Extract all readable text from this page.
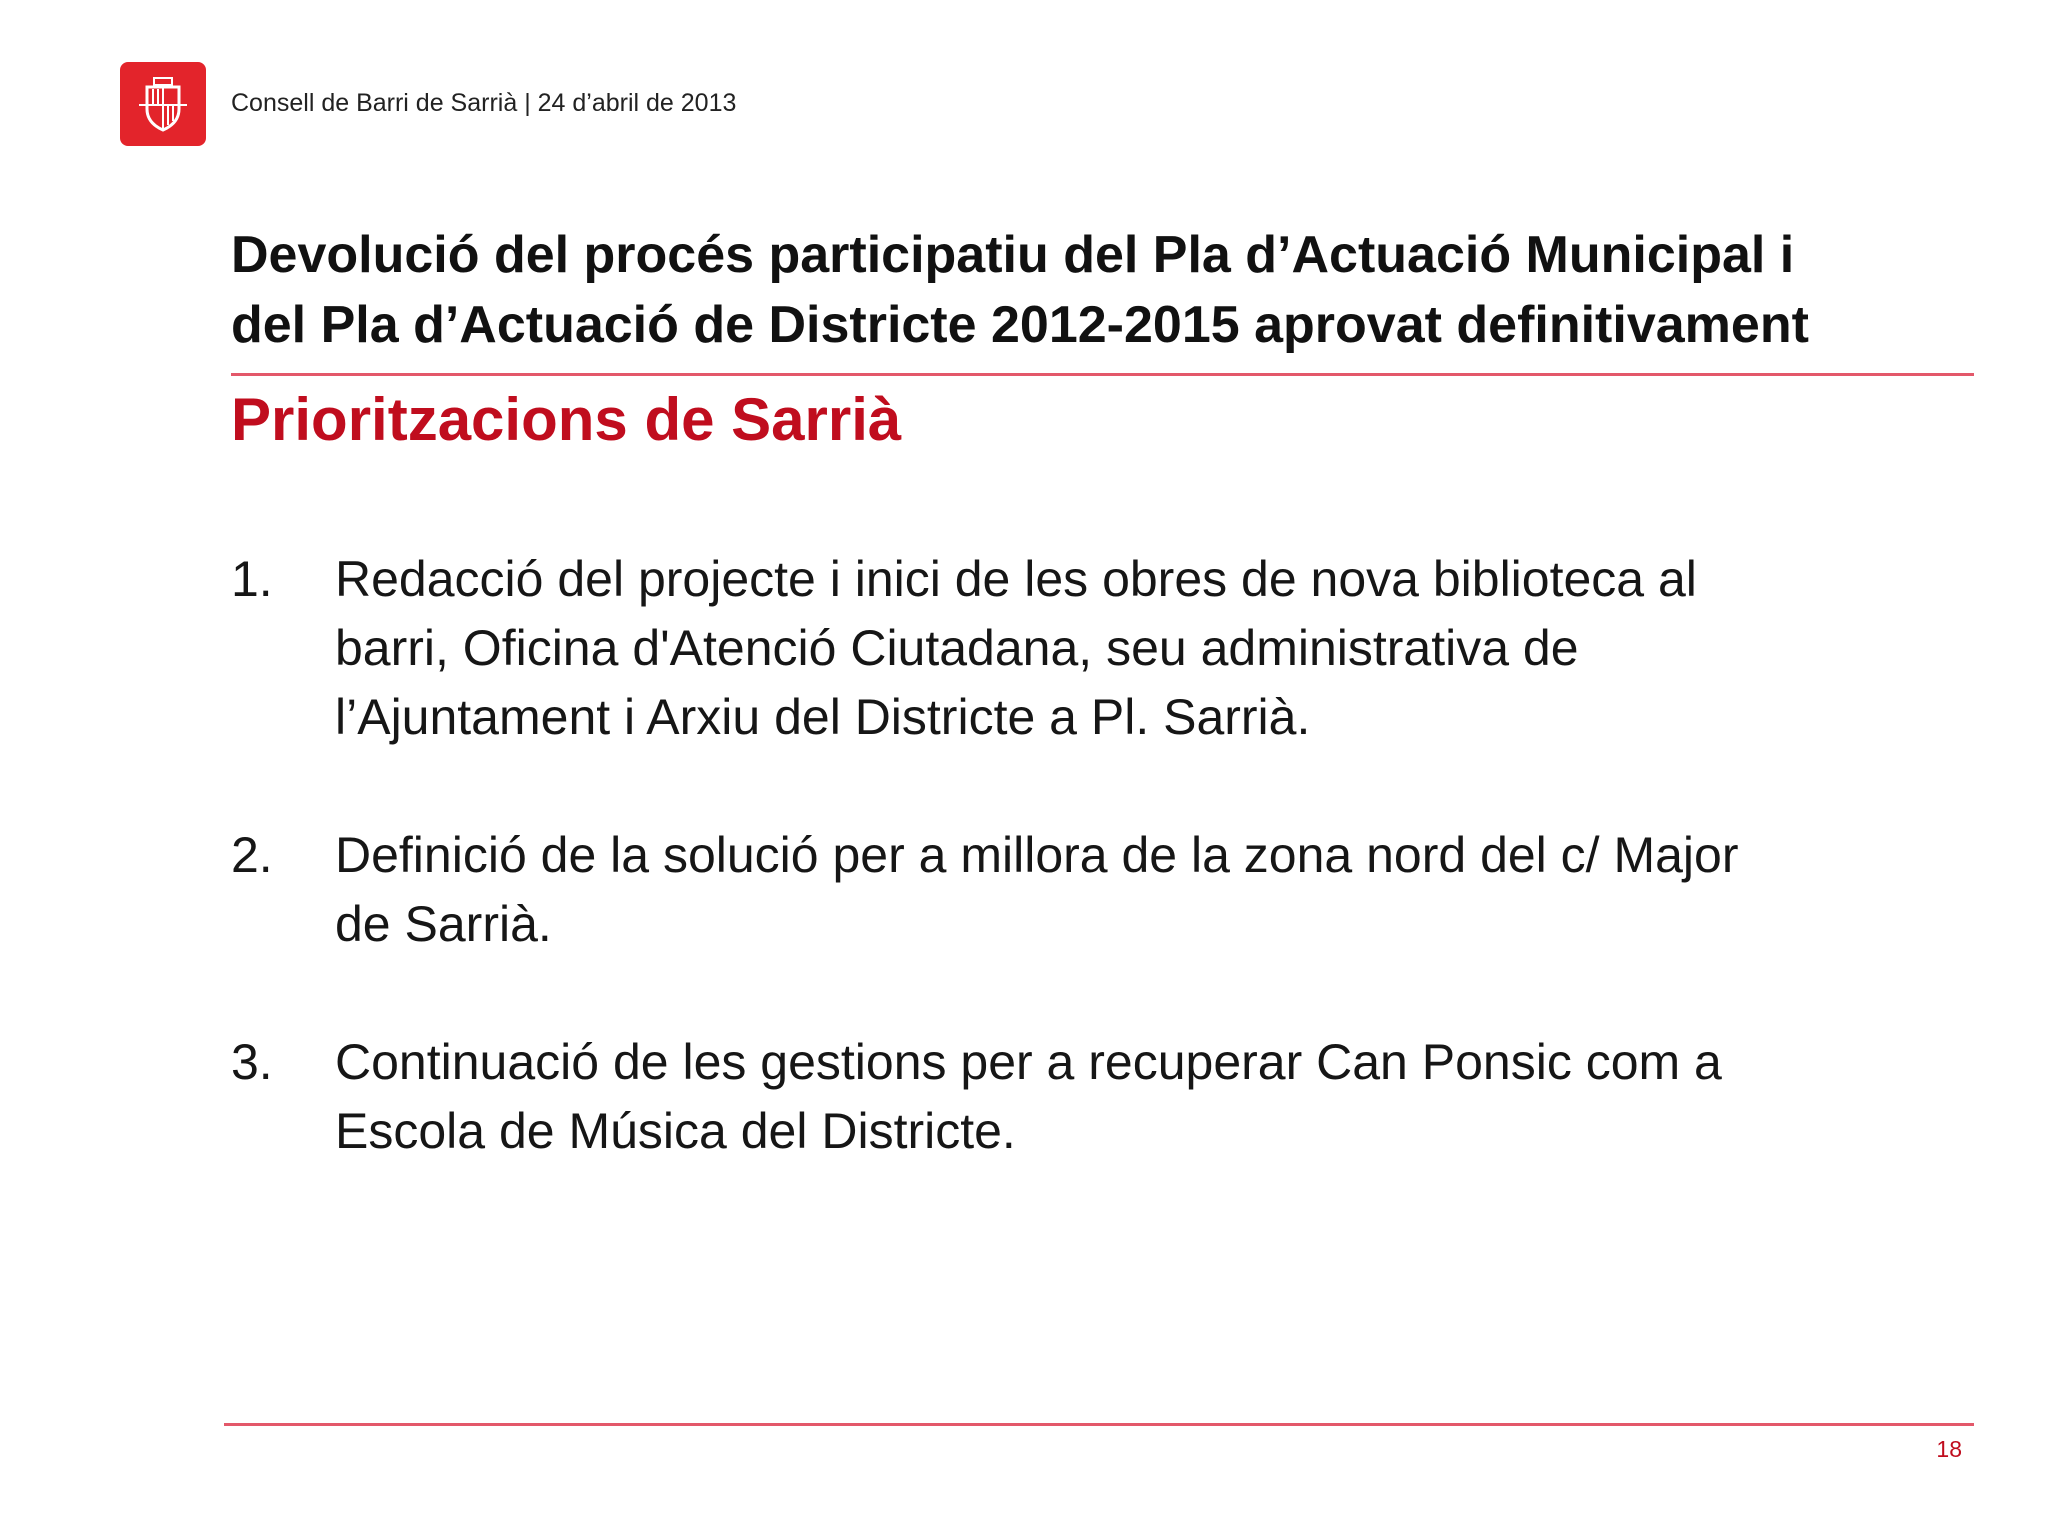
Consell de Barri de Sarrià | 24 d’abril de 2013
Devolució del procés participatiu del Pla d’Actuació Municipal i
del Pla d’Actuació de Districte 2012-2015 aprovat definitivament
Prioritzacions de Sarrià
1. Redacció del projecte i inici de les obres de nova biblioteca al
barri, Oficina d'Atenció Ciutadana, seu administrativa de
l’Ajuntament i Arxiu del Districte a Pl. Sarrià.
2. Definició de la solució per a millora de la zona nord del c/ Major
de Sarrià.
3. Continuació de les gestions per a recuperar Can Ponsic com a
Escola de Música del Districte.
18
